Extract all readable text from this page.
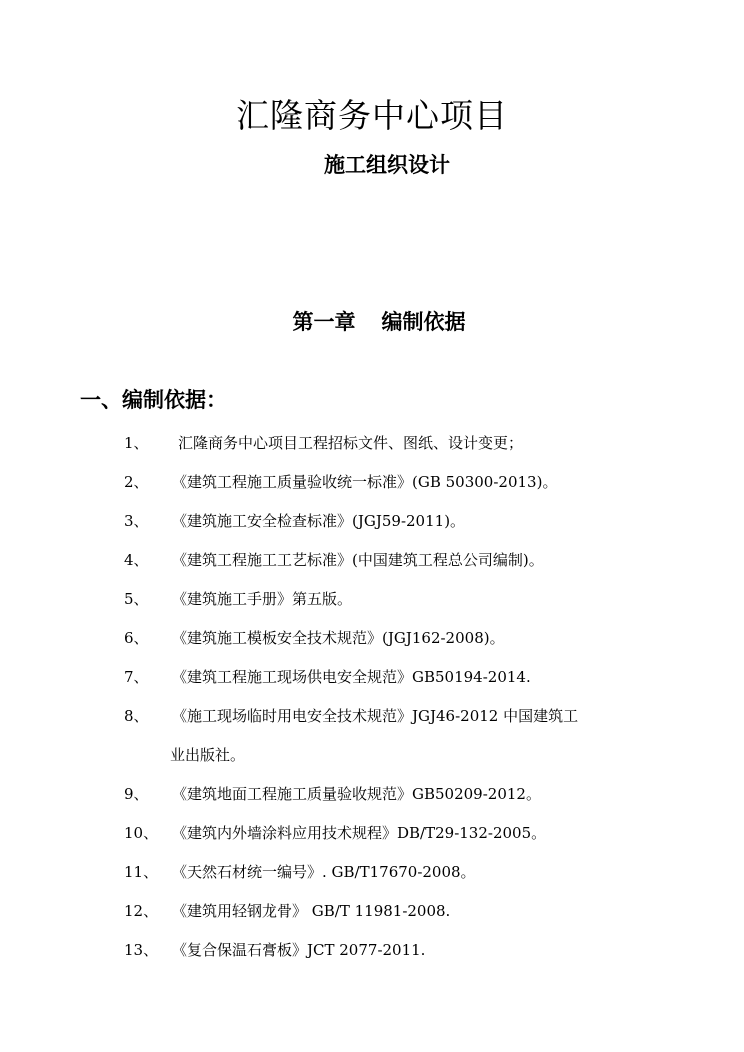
汇隆商务中心项目
施工组织设计
第一章 编制依据
一、编制依据：
1、 汇隆商务中心项目工程招标文件、图纸、设计变更；
2、 《建筑工程施工质量验收统一标准》(GB 50300-2013)。
3、 《建筑施工安全检查标准》(JGJ59-2011)。
4、 《建筑工程施工工艺标准》(中国建筑工程总公司编制)。
5、 《建筑施工手册》第五版。
6、 《建筑施工模板安全技术规范》(JGJ162-2008)。
7、 《建筑工程施工现场供电安全规范》GB50194-2014.
8、 《施工现场临时用电安全技术规范》JGJ46-2012 中国建筑工
业出版社。
9、 《建筑地面工程施工质量验收规范》GB50209-2012。
10、 《建筑内外墙涂料应用技术规程》DB/T29-132-2005。
11、 《天然石材统一编号》. GB/T17670-2008。
12、 《建筑用轻钢龙骨》 GB/T 11981-2008.
13、 《复合保温石膏板》JCT 2077-2011.
